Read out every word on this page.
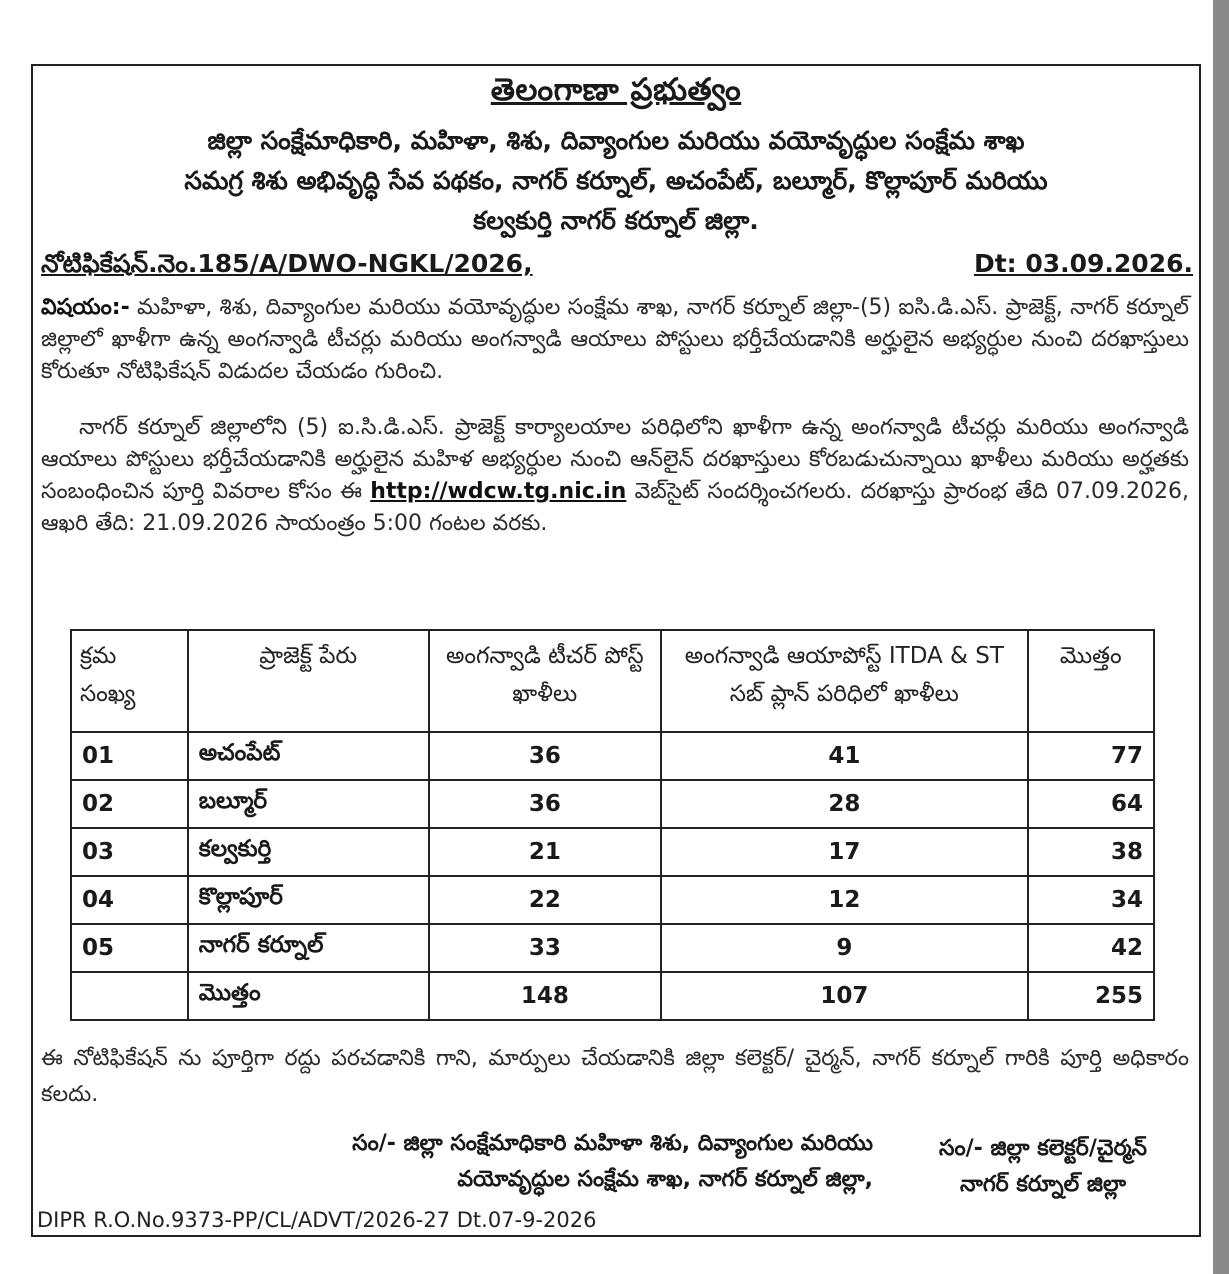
తెలంగాణా ప్రభుత్వం
జిల్లా సంక్షేమాధికారి, మహిళా, శిశు, దివ్యాంగుల మరియు వయోవృద్ధుల సంక్షేమ శాఖ
సమగ్ర శిశు అభివృద్ధి సేవ పథకం, నాగర్ కర్నూల్, అచంపేట్, బల్మూర్, కొల్లాపూర్ మరియు
కల్వకుర్తి నాగర్ కర్నూల్ జిల్లా.
నోటిఫికేషన్.నెం.185/A/DWO-NGKL/2026,	Dt: 03.09.2026.
విషయం:- మహిళా, శిశు, దివ్యాంగుల మరియు వయోవృద్ధుల సంక్షేమ శాఖ, నాగర్ కర్నూల్ జిల్లా-(5) ఐసి.డి.ఎస్. ప్రాజెక్ట్, నాగర్ కర్నూల్ జిల్లాలో ఖాళీగా ఉన్న అంగన్వాడి టీచర్లు మరియు అంగన్వాడి ఆయాలు పోస్టులు భర్తీచేయడానికి అర్హులైన అభ్యర్ధుల నుంచి దరఖాస్తులు కోరుతూ నోటిఫికేషన్ విడుదల చేయడం గురించి.
నాగర్ కర్నూల్ జిల్లాలోని (5) ఐ.సి.డి.ఎస్. ప్రాజెక్ట్ కార్యాలయాల పరిధిలోని ఖాళీగా ఉన్న అంగన్వాడి టీచర్లు మరియు అంగన్వాడి ఆయాలు పోస్టులు భర్తీచేయడానికి అర్హులైన మహిళ అభ్యర్ధుల నుంచి ఆన్‌లైన్ దరఖాస్తులు కోరబడుచున్నాయి ఖాళీలు మరియు అర్హతకు సంబంధించిన పూర్తి వివరాల కోసం ఈ http://wdcw.tg.nic.in వెబ్‌సైట్ సందర్శించగలరు. దరఖాస్తు ప్రారంభ తేది 07.09.2026, ఆఖరి తేది: 21.09.2026 సాయంత్రం 5:00 గంటల వరకు.
క్రమ సంఖ్య	ప్రాజెక్ట్ పేరు	అంగన్వాడి టీచర్ పోస్ట్ ఖాళీలు	అంగన్వాడి ఆయాపోస్ట్ ITDA & ST సబ్ ప్లాన్ పరిధిలో ఖాళీలు	మొత్తం
01	అచంపేట్	36	41	77
02	బల్మూర్	36	28	64
03	కల్వకుర్తి	21	17	38
04	కొల్లాపూర్	22	12	34
05	నాగర్ కర్నూల్	33	9	42
	మొత్తం	148	107	255
ఈ నోటిఫికేషన్ ను పూర్తిగా రద్దు పరచడానికి గాని, మార్పులు చేయడానికి జిల్లా కలెక్టర్/ చైర్మన్, నాగర్ కర్నూల్ గారికి పూర్తి అధికారం కలదు.
సం/- జిల్లా సంక్షేమాధికారి మహిళా శిశు, దివ్యాంగుల మరియు
వయోవృద్ధుల సంక్షేమ శాఖ, నాగర్ కర్నూల్ జిల్లా,
సం/- జిల్లా కలెక్టర్/చైర్మన్
నాగర్ కర్నూల్ జిల్లా
DIPR R.O.No.9373-PP/CL/ADVT/2026-27 Dt.07-9-2026
